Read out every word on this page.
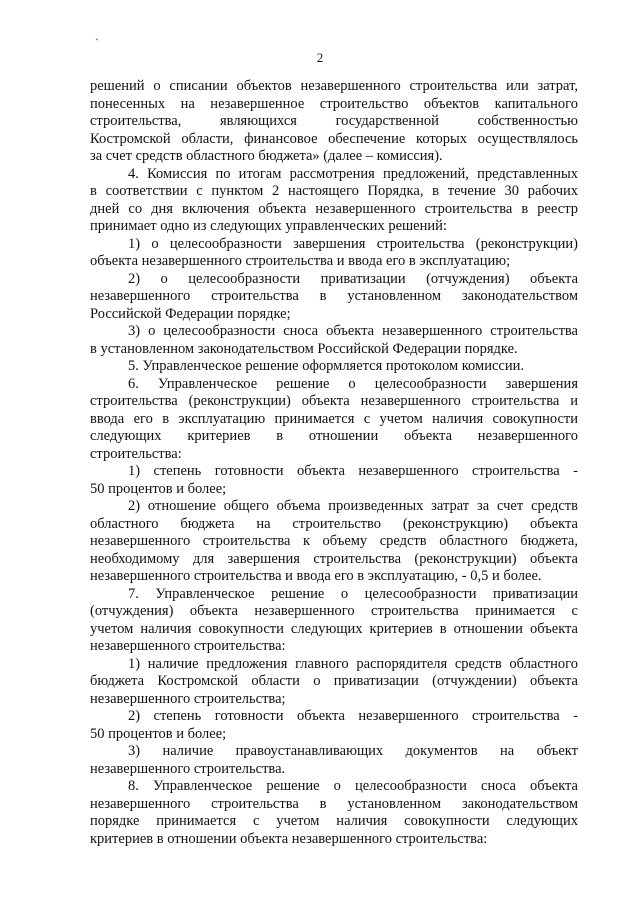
`
2
решений о списании объектов незавершенного строительства или затрат,
понесенных на незавершенное строительство объектов капитального
строительства, являющихся государственной собственностью
Костромской области, финансовое обеспечение которых осуществлялось
за счет средств областного бюджета» (далее – комиссия).
4. Комиссия по итогам рассмотрения предложений, представленных
в соответствии с пунктом 2 настоящего Порядка, в течение 30 рабочих
дней со дня включения объекта незавершенного строительства в реестр
принимает одно из следующих управленческих решений:
1) о целесообразности завершения строительства (реконструкции)
объекта незавершенного строительства и ввода его в эксплуатацию;
2) о целесообразности приватизации (отчуждения) объекта
незавершенного строительства в установленном законодательством
Российской Федерации порядке;
3) о целесообразности сноса объекта незавершенного строительства
в установленном законодательством Российской Федерации порядке.
5. Управленческое решение оформляется протоколом комиссии.
6. Управленческое решение о целесообразности завершения
строительства (реконструкции) объекта незавершенного строительства и
ввода его в эксплуатацию принимается с учетом наличия совокупности
следующих критериев в отношении объекта незавершенного
строительства:
1) степень готовности объекта незавершенного строительства -
50 процентов и более;
2) отношение общего объема произведенных затрат за счет средств
областного бюджета на строительство (реконструкцию) объекта
незавершенного строительства к объему средств областного бюджета,
необходимому для завершения строительства (реконструкции) объекта
незавершенного строительства и ввода его в эксплуатацию, - 0,5 и более.
7. Управленческое решение о целесообразности приватизации
(отчуждения) объекта незавершенного строительства принимается с
учетом наличия совокупности следующих критериев в отношении объекта
незавершенного строительства:
1) наличие предложения главного распорядителя средств областного
бюджета Костромской области о приватизации (отчуждении) объекта
незавершенного строительства;
2) степень готовности объекта незавершенного строительства -
50 процентов и более;
3) наличие правоустанавливающих документов на объект
незавершенного строительства.
8. Управленческое решение о целесообразности сноса объекта
незавершенного строительства в установленном законодательством
порядке принимается с учетом наличия совокупности следующих
критериев в отношении объекта незавершенного строительства:
